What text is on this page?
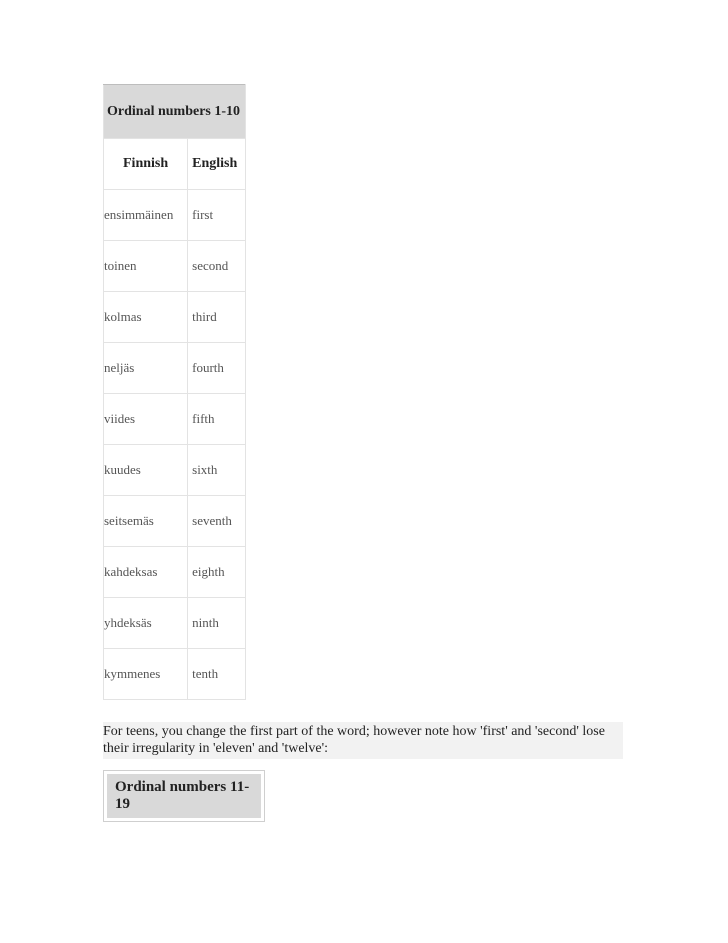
Ordinal numbers 1-10	
Finnish	English
ensimmäinen	first
toinen	second
kolmas	third
neljäs	fourth
viides	fifth
kuudes	sixth
seitsemäs	seventh
kahdeksas	eighth
yhdeksäs	ninth
kymmenes	tenth
For teens, you change the first part of the word; however note how 'first' and 'second' lose their irregularity in 'eleven' and 'twelve':
Ordinal numbers 11-19
